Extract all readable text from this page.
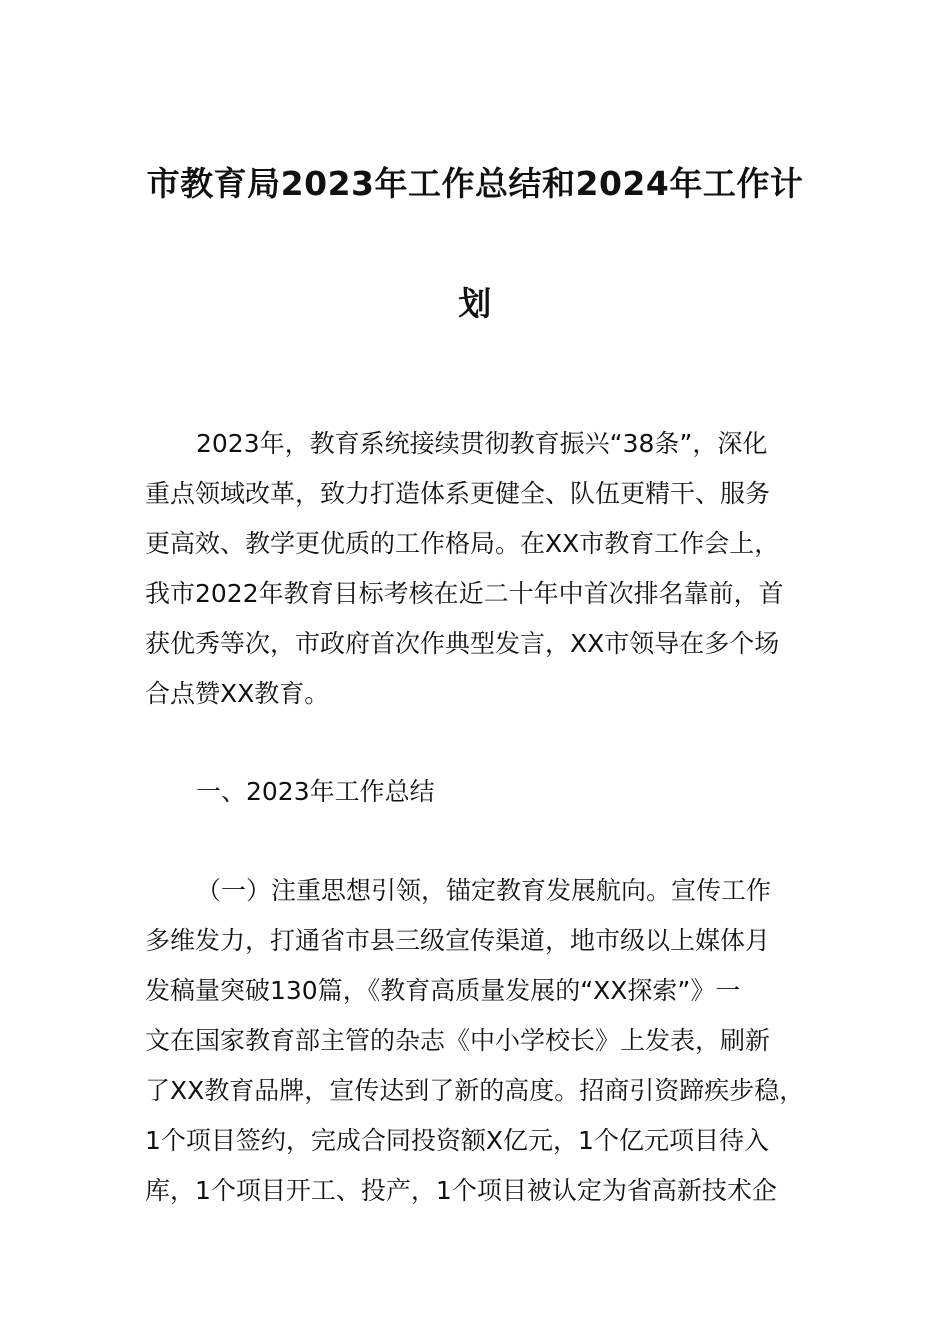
市教育局2023年工作总结和2024年工作计
划
2023年，教育系统接续贯彻教育振兴“38条”，深化
重点领域改革，致力打造体系更健全、队伍更精干、服务
更高效、教学更优质的工作格局。在XX市教育工作会上，
我市2022年教育目标考核在近二十年中首次排名靠前，首
获优秀等次，市政府首次作典型发言，XX市领导在多个场
合点赞XX教育。
一、2023年工作总结
（一）注重思想引领，锚定教育发展航向。宣传工作
多维发力，打通省市县三级宣传渠道，地市级以上媒体月
发稿量突破130篇，《教育高质量发展的“XX探索”》一
文在国家教育部主管的杂志《中小学校长》上发表，刷新
了XX教育品牌，宣传达到了新的高度。招商引资蹄疾步稳，
1个项目签约，完成合同投资额X亿元，1个亿元项目待入
库，1个项目开工、投产，1个项目被认定为省高新技术企
